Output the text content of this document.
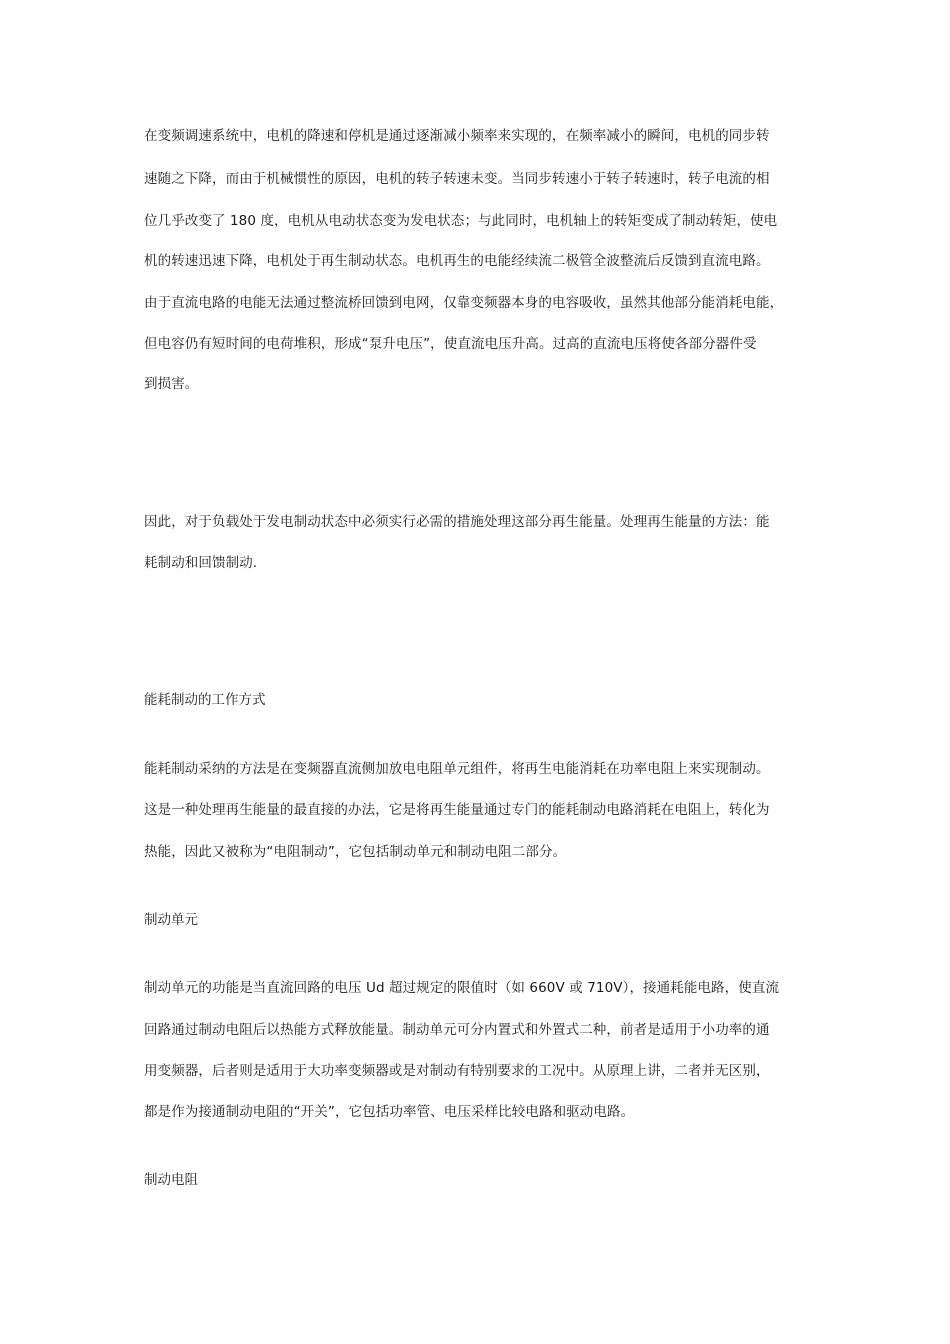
在变频调速系统中，电机的降速和停机是通过逐渐减小频率来实现的，在频率减小的瞬间，电机的同步转
速随之下降，而由于机械惯性的原因，电机的转子转速未变。当同步转速小于转子转速时，转子电流的相
位几乎改变了 180 度，电机从电动状态变为发电状态；与此同时，电机轴上的转矩变成了制动转矩，使电
机的转速迅速下降，电机处于再生制动状态。电机再生的电能经续流二极管全波整流后反馈到直流电路。
由于直流电路的电能无法通过整流桥回馈到电网，仅靠变频器本身的电容吸收，虽然其他部分能消耗电能，
但电容仍有短时间的电荷堆积，形成“泵升电压”，使直流电压升高。过高的直流电压将使各部分器件受
到损害。
因此，对于负载处于发电制动状态中必须实行必需的措施处理这部分再生能量。处理再生能量的方法：能
耗制动和回馈制动.
能耗制动的工作方式
能耗制动采纳的方法是在变频器直流侧加放电电阻单元组件，将再生电能消耗在功率电阻上来实现制动。
这是一种处理再生能量的最直接的办法，它是将再生能量通过专门的能耗制动电路消耗在电阻上，转化为
热能，因此又被称为“电阻制动”，它包括制动单元和制动电阻二部分。
制动单元
制动单元的功能是当直流回路的电压 Ud 超过规定的限值时（如 660V 或 710V），接通耗能电路，使直流
回路通过制动电阻后以热能方式释放能量。制动单元可分内置式和外置式二种，前者是适用于小功率的通
用变频器，后者则是适用于大功率变频器或是对制动有特别要求的工况中。从原理上讲，二者并无区别，
都是作为接通制动电阻的“开关”，它包括功率管、电压采样比较电路和驱动电路。
制动电阻
